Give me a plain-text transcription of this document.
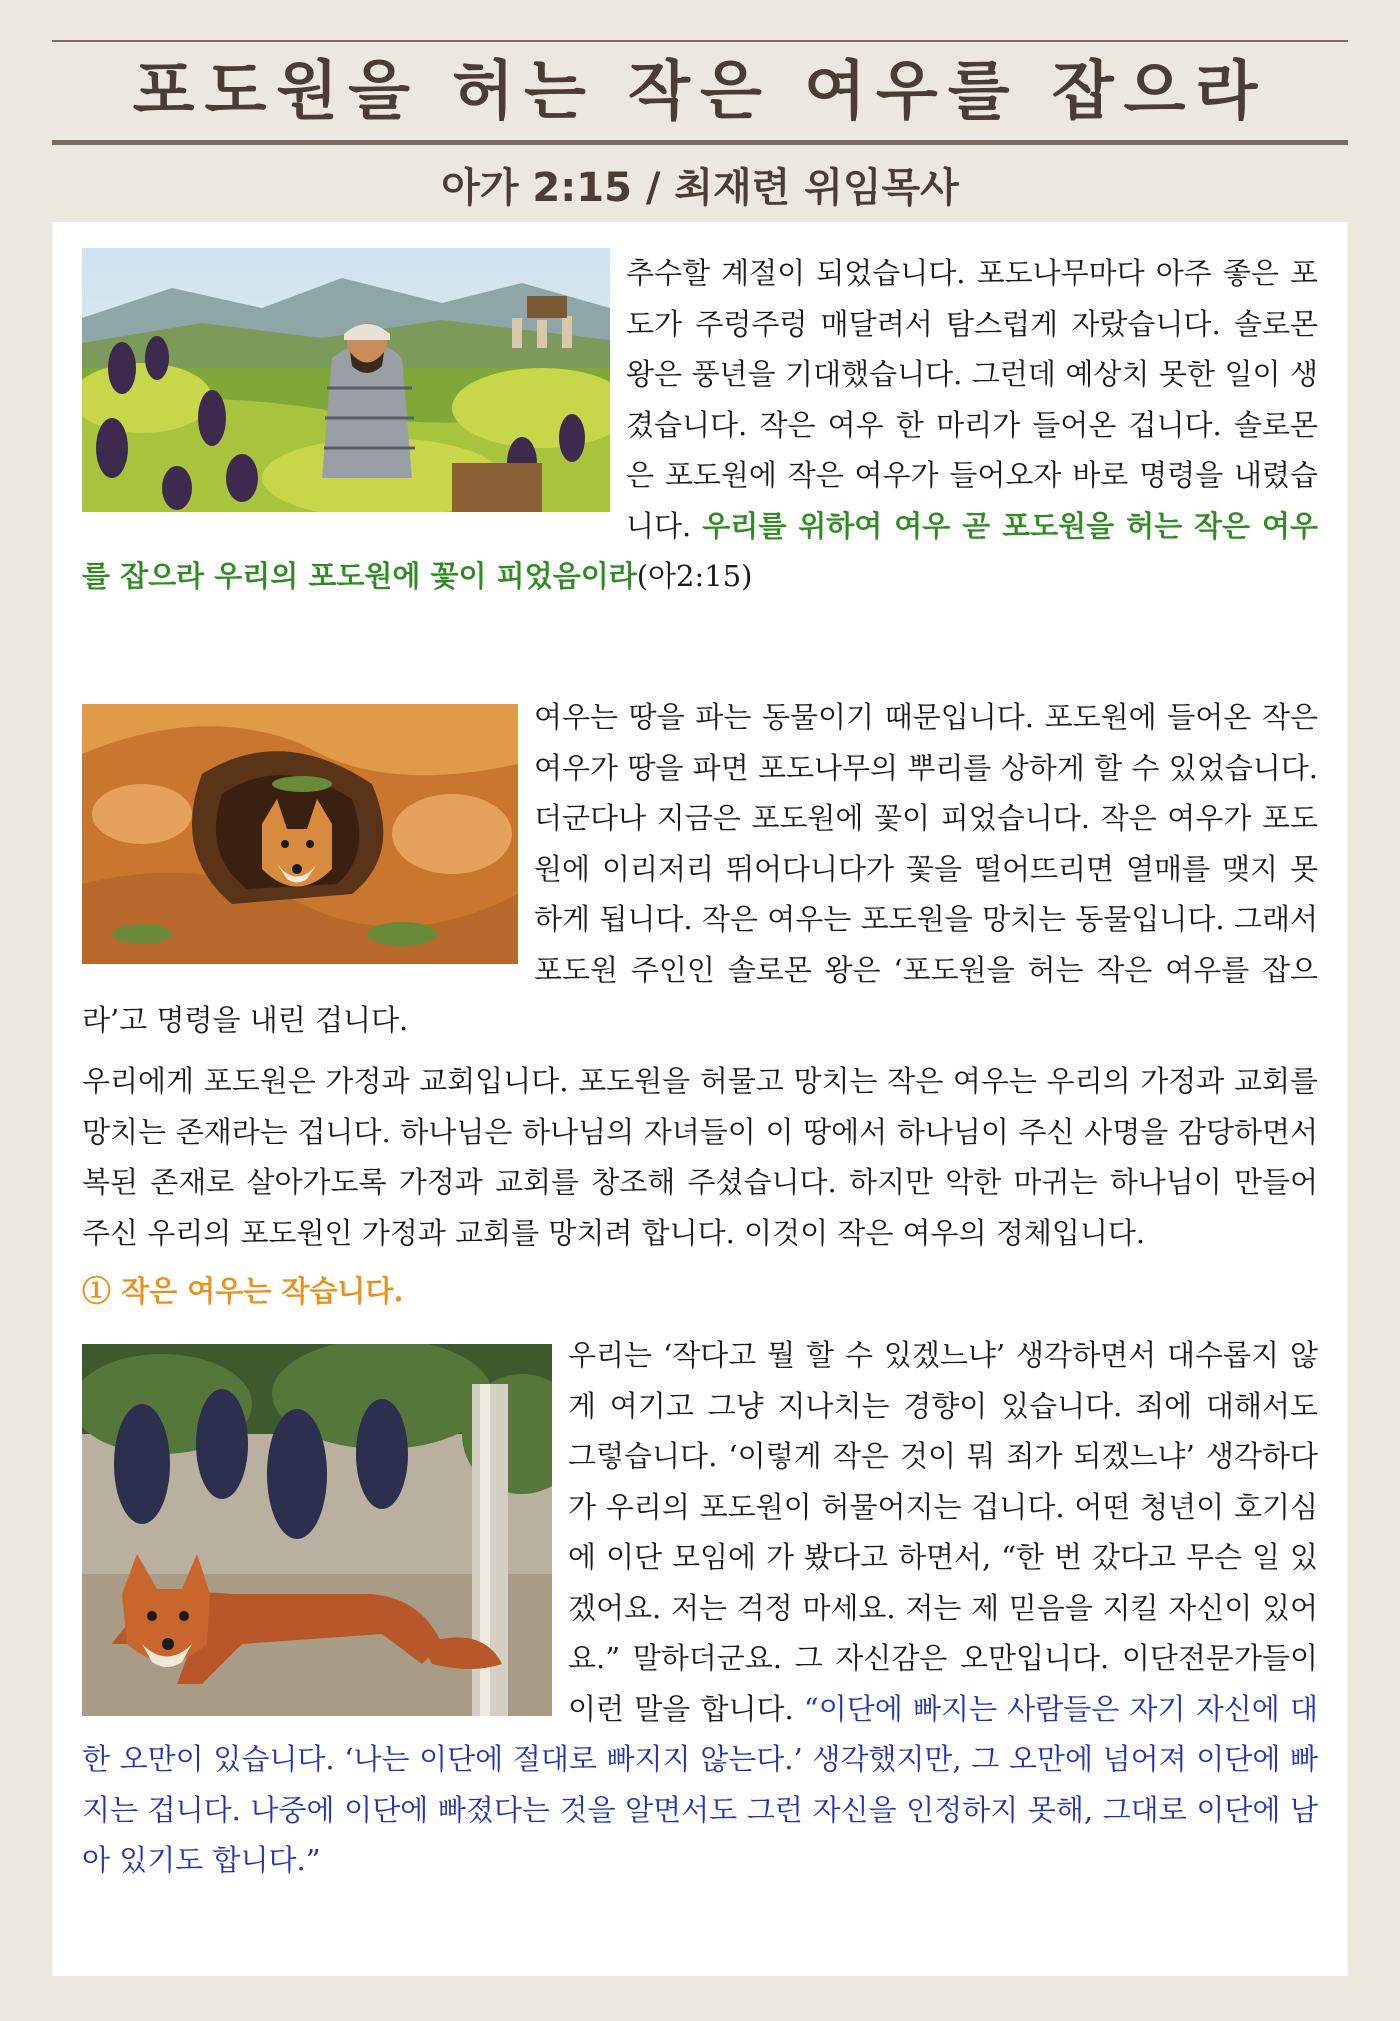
포도원을 허는 작은 여우를 잡으라
아가 2:15 / 최재련 위임목사
추수할 계절이 되었습니다. 포도나무마다 아주 좋은 포도가 주렁주렁 매달려서 탐스럽게 자랐습니다. 솔로몬 왕은 풍년을 기대했습니다. 그런데 예상치 못한 일이 생겼습니다. 작은 여우 한 마리가 들어온 겁니다. 솔로몬은 포도원에 작은 여우가 들어오자 바로 명령을 내렸습니다. 우리를 위하여 여우 곧 포도원을 허는 작은 여우를 잡으라 우리의 포도원에 꽃이 피었음이라(아2:15)
여우는 땅을 파는 동물이기 때문입니다. 포도원에 들어온 작은 여우가 땅을 파면 포도나무의 뿌리를 상하게 할 수 있었습니다. 더군다나 지금은 포도원에 꽃이 피었습니다. 작은 여우가 포도원에 이리저리 뛰어다니다가 꽃을 떨어뜨리면 열매를 맺지 못하게 됩니다. 작은 여우는 포도원을 망치는 동물입니다. 그래서 포도원 주인인 솔로몬 왕은 ‘포도원을 허는 작은 여우를 잡으라’고 명령을 내린 겁니다.
우리에게 포도원은 가정과 교회입니다. 포도원을 허물고 망치는 작은 여우는 우리의 가정과 교회를 망치는 존재라는 겁니다. 하나님은 하나님의 자녀들이 이 땅에서 하나님이 주신 사명을 감당하면서 복된 존재로 살아가도록 가정과 교회를 창조해 주셨습니다. 하지만 악한 마귀는 하나님이 만들어 주신 우리의 포도원인 가정과 교회를 망치려 합니다. 이것이 작은 여우의 정체입니다.
① 작은 여우는 작습니다.
우리는 ‘작다고 뭘 할 수 있겠느냐’ 생각하면서 대수롭지 않게 여기고 그냥 지나치는 경향이 있습니다. 죄에 대해서도 그렇습니다. ‘이렇게 작은 것이 뭐 죄가 되겠느냐’ 생각하다가 우리의 포도원이 허물어지는 겁니다. 어떤 청년이 호기심에 이단 모임에 가 봤다고 하면서, “한 번 갔다고 무슨 일 있겠어요. 저는 걱정 마세요. 저는 제 믿음을 지킬 자신이 있어요.” 말하더군요. 그 자신감은 오만입니다. 이단전문가들이 이런 말을 합니다. “이단에 빠지는 사람들은 자기 자신에 대한 오만이 있습니다. ‘나는 이단에 절대로 빠지지 않는다.’ 생각했지만, 그 오만에 넘어져 이단에 빠지는 겁니다. 나중에 이단에 빠졌다는 것을 알면서도 그런 자신을 인정하지 못해, 그대로 이단에 남아 있기도 합니다.”
